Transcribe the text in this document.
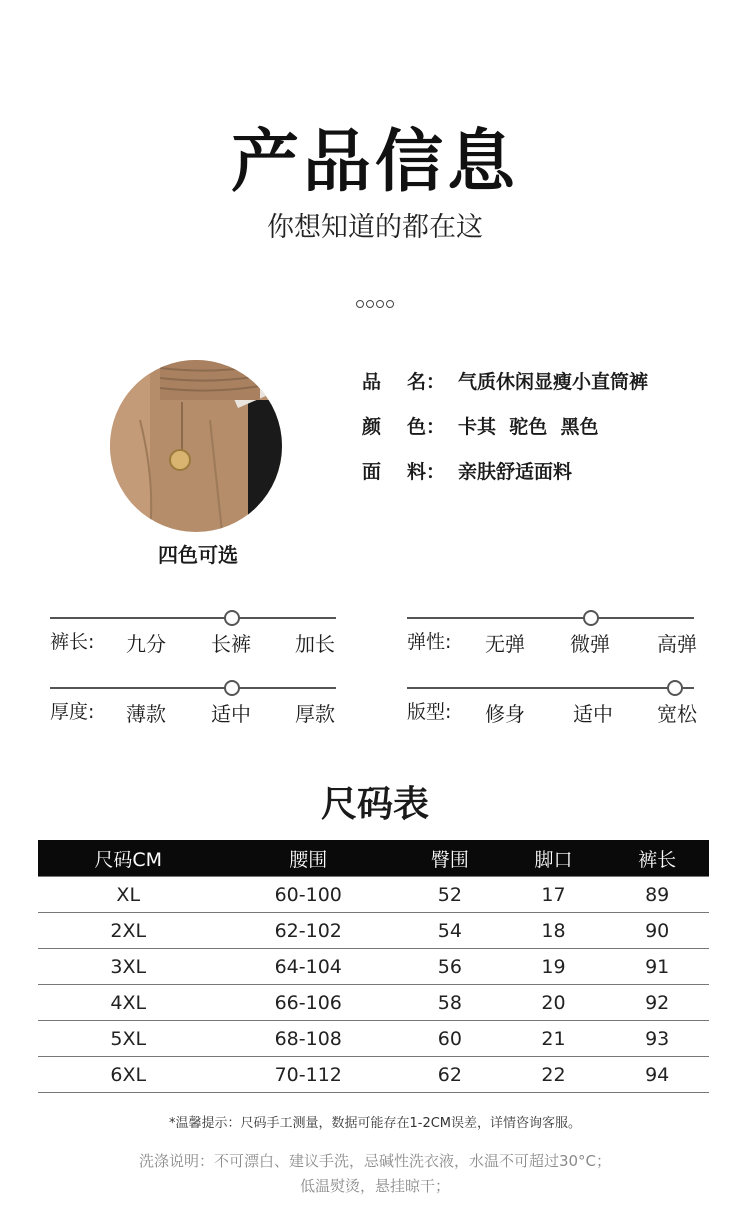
产品信息
你想知道的都在这
四色可选
品 名 ： 气质休闲显瘦小直筒裤
颜 色 ： 卡其  驼色  黑色
面 料 ： 亲肤舒适面料
裤长:	九分	长裤	加长	弹性:	无弹	微弹	高弹
厚度:	薄款	适中	厚款	版型:	修身	适中	宽松
尺码表
尺码CM	腰围	臀围	脚口	裤长
XL	60-100	52	17	89
2XL	62-102	54	18	90
3XL	64-104	56	19	91
4XL	66-106	58	20	92
5XL	68-108	60	21	93
6XL	70-112	62	22	94
*温馨提示：尺码手工测量，数据可能存在1-2CM误差，详情咨询客服。
洗涤说明：不可漂白、建议手洗，忌碱性洗衣液，水温不可超过30°C；
低温熨烫，悬挂晾干；
